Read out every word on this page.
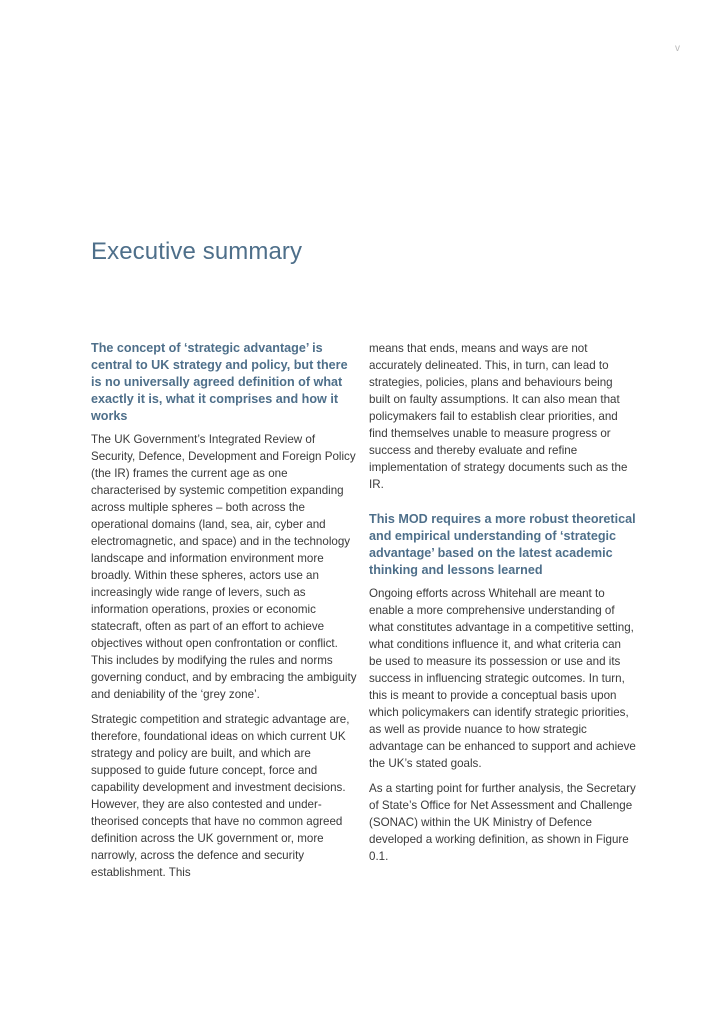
v
Executive summary
The concept of ‘strategic advantage’ is central to UK strategy and policy, but there is no universally agreed definition of what exactly it is, what it comprises and how it works

The UK Government’s Integrated Review of Security, Defence, Development and Foreign Policy (the IR) frames the current age as one characterised by systemic competition expanding across multiple spheres – both across the operational domains (land, sea, air, cyber and electromagnetic, and space) and in the technology landscape and information environment more broadly. Within these spheres, actors use an increasingly wide range of levers, such as information operations, proxies or economic statecraft, often as part of an effort to achieve objectives without open confrontation or conflict. This includes by modifying the rules and norms governing conduct, and by embracing the ambiguity and deniability of the ‘grey zone’.

Strategic competition and strategic advantage are, therefore, foundational ideas on which current UK strategy and policy are built, and which are supposed to guide future concept, force and capability development and investment decisions. However, they are also contested and under-theorised concepts that have no common agreed definition across the UK government or, more narrowly, across the defence and security establishment. This

means that ends, means and ways are not accurately delineated. This, in turn, can lead to strategies, policies, plans and behaviours being built on faulty assumptions. It can also mean that policymakers fail to establish clear priorities, and find themselves unable to measure progress or success and thereby evaluate and refine implementation of strategy documents such as the IR.

This MOD requires a more robust theoretical and empirical understanding of ‘strategic advantage’ based on the latest academic thinking and lessons learned

Ongoing efforts across Whitehall are meant to enable a more comprehensive understanding of what constitutes advantage in a competitive setting, what conditions influence it, and what criteria can be used to measure its possession or use and its success in influencing strategic outcomes. In turn, this is meant to provide a conceptual basis upon which policymakers can identify strategic priorities, as well as provide nuance to how strategic advantage can be enhanced to support and achieve the UK’s stated goals.

As a starting point for further analysis, the Secretary of State’s Office for Net Assessment and Challenge (SONAC) within the UK Ministry of Defence developed a working definition, as shown in Figure 0.1.
